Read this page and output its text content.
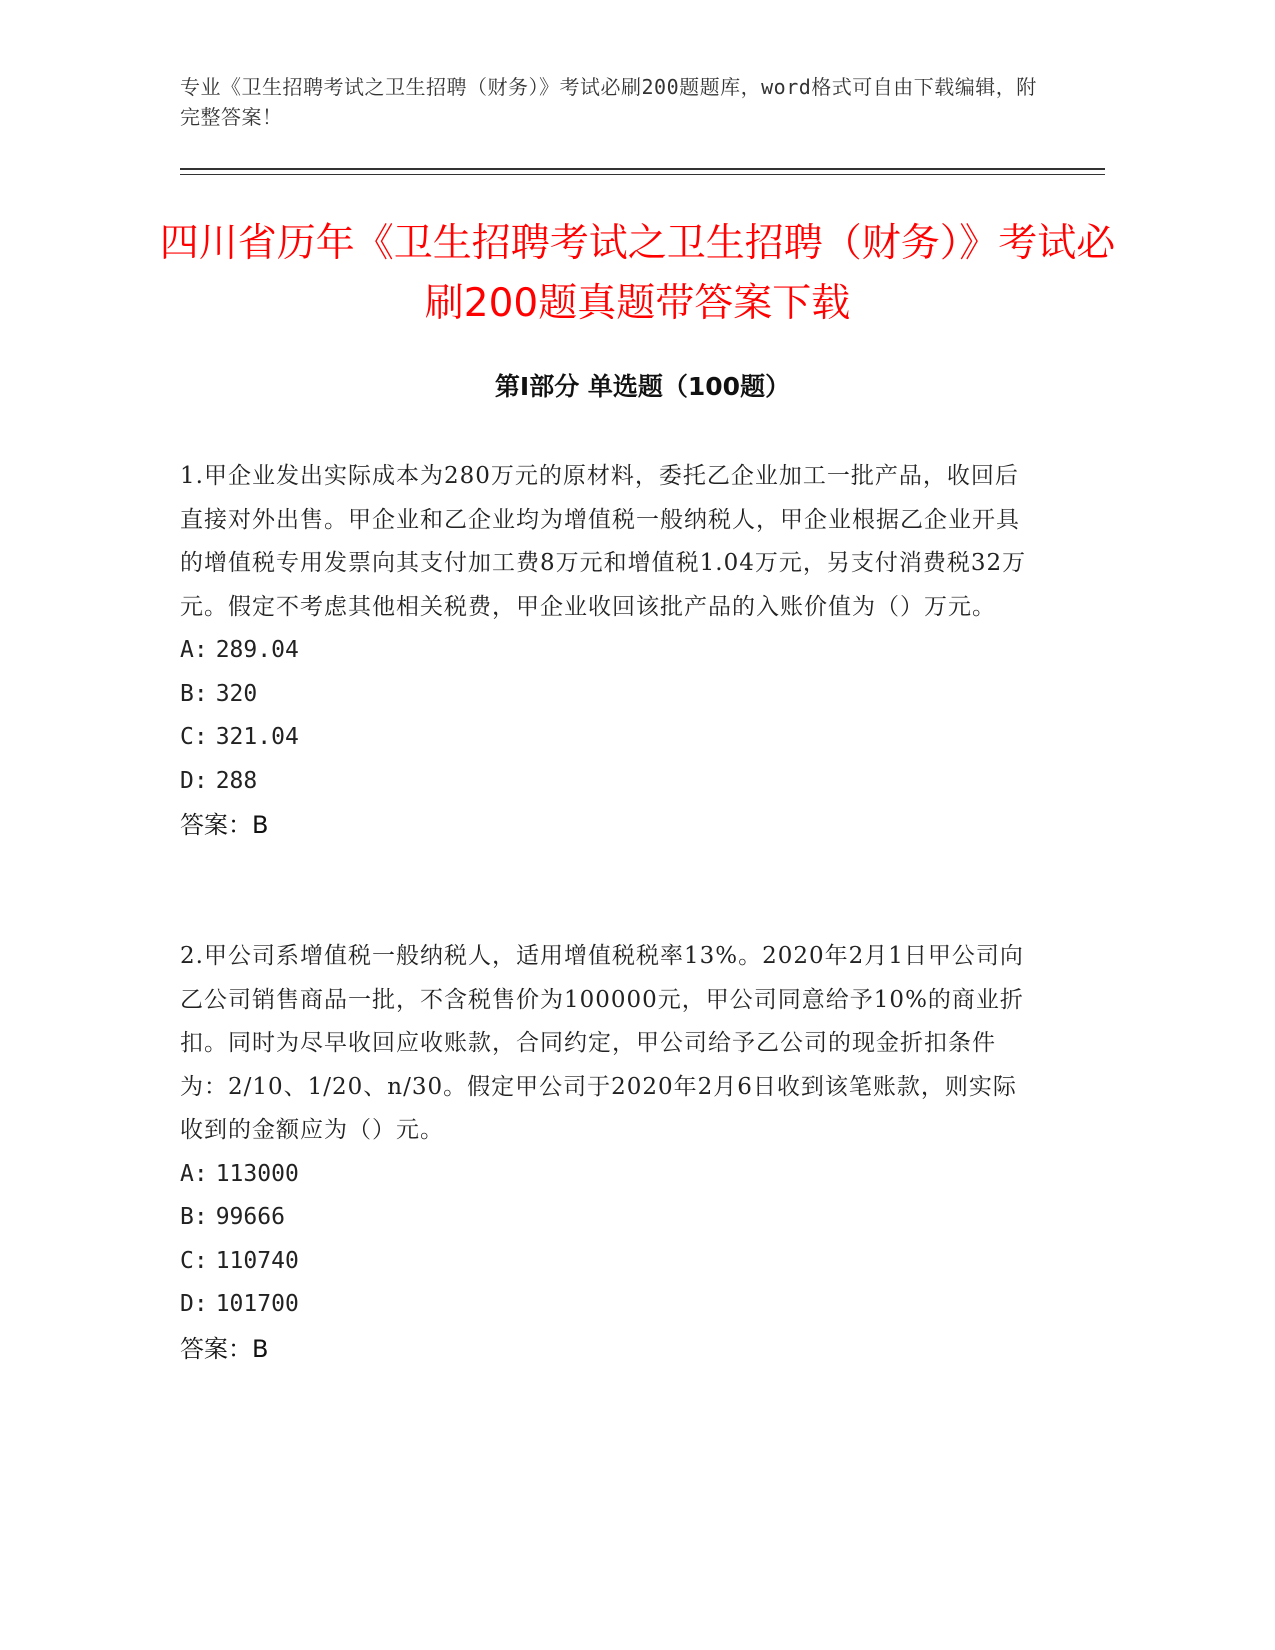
专业《卫生招聘考试之卫生招聘（财务）》考试必刷200题题库，word格式可自由下载编辑，附完整答案！
四川省历年《卫生招聘考试之卫生招聘（财务）》考试必刷200题真题带答案下载
第Ⅰ部分 单选题（100题）

1.甲企业发出实际成本为280万元的原材料，委托乙企业加工一批产品，收回后直接对外出售。甲企业和乙企业均为增值税一般纳税人，甲企业根据乙企业开具的增值税专用发票向其支付加工费8万元和增值税1.04万元，另支付消费税32万元。假定不考虑其他相关税费，甲企业收回该批产品的入账价值为（）万元。

A: 289.04

B: 320

C: 321.04

D: 288

答案：B

2.甲公司系增值税一般纳税人，适用增值税税率13%。2020年2月1日甲公司向乙公司销售商品一批，不含税售价为100000元，甲公司同意给予10%的商业折扣。同时为尽早收回应收账款，合同约定，甲公司给予乙公司的现金折扣条件为：2/10、1/20、n/30。假定甲公司于2020年2月6日收到该笔账款，则实际收到的金额应为（）元。

A: 113000

B: 99666

C: 110740

D: 101700

答案：B
